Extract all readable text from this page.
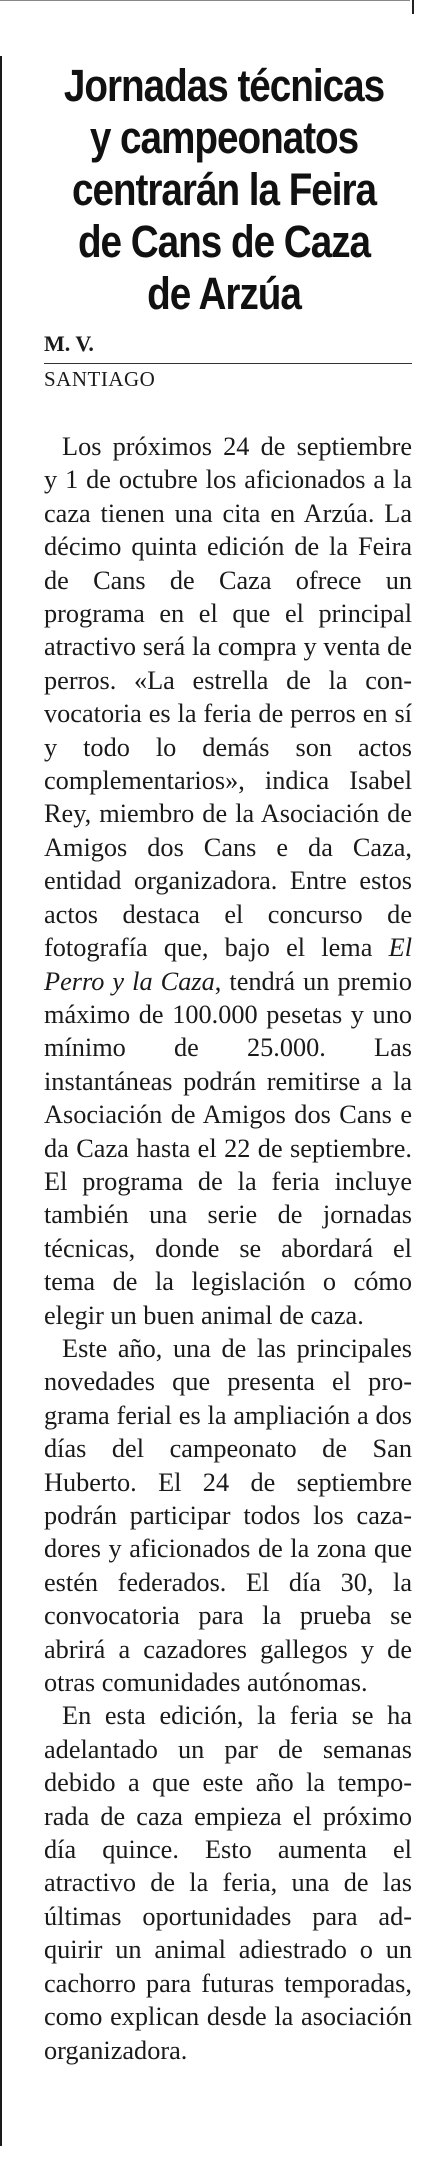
Jornadas técnicas y campeonatos centrarán la Feira de Cans de Caza de Arzúa
M. V.
SANTIAGO

Los próximos 24 de septiembre y 1 de octubre los aficionados a la caza tienen una cita en Arzúa. La décimo quinta edición de la Feira de Cans de Caza ofrece un programa en el que el principal atractivo será la compra y venta de perros. «La estrella de la convocatoria es la feria de perros en sí y todo lo demás son actos complementarios», indica Isabel Rey, miembro de la Asociación de Amigos dos Cans e da Caza, entidad organizadora. Entre estos actos destaca el concurso de fotografía que, bajo el lema El Perro y la Caza, tendrá un premio máximo de 100.000 pesetas y uno mínimo de 25.000. Las instantáneas podrán remitirse a la Asociación de Amigos dos Cans e da Caza hasta el 22 de septiembre. El programa de la feria incluye también una serie de jornadas técnicas, donde se abordará el tema de la legislación o cómo elegir un buen animal de caza.

Este año, una de las principales novedades que presenta el programa ferial es la ampliación a dos días del campeonato de San Huberto. El 24 de septiembre podrán participar todos los cazadores y aficionados de la zona que estén federados. El día 30, la convocatoria para la prueba se abrirá a cazadores gallegos y de otras comunidades autónomas.

En esta edición, la feria se ha adelantado un par de semanas debido a que este año la temporada de caza empieza el próximo día quince. Esto aumenta el atractivo de la feria, una de las últimas oportunidades para adquirir un animal adiestrado o un cachorro para futuras temporadas, como explican desde la asociación organizadora.
